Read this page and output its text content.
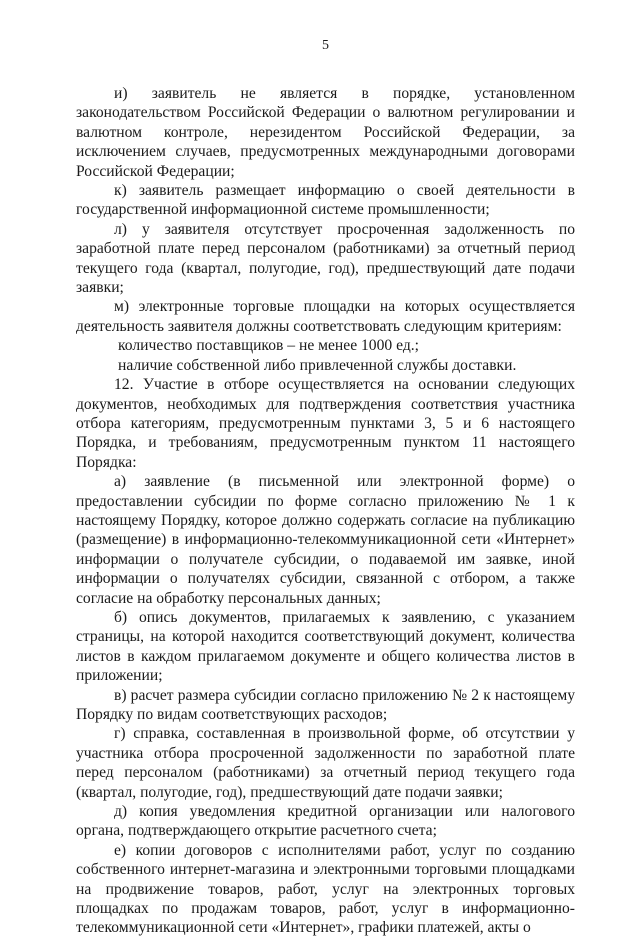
5

и) заявитель не является в порядке, установленном законодательством Российской Федерации о валютном регулировании и валютном контроле, нерезидентом Российской Федерации, за исключением случаев, предусмотренных международными договорами Российской Федерации;

к) заявитель размещает информацию о своей деятельности в государственной информационной системе промышленности;

л) у заявителя отсутствует просроченная задолженность по заработной плате перед персоналом (работниками) за отчетный период текущего года (квартал, полугодие, год), предшествующий дате подачи заявки;

м) электронные торговые площадки на которых осуществляется деятельность заявителя должны соответствовать следующим критериям:

количество поставщиков – не менее 1000 ед.;

наличие собственной либо привлеченной службы доставки.

12. Участие в отборе осуществляется на основании следующих документов, необходимых для подтверждения соответствия участника отбора категориям, предусмотренным пунктами 3, 5 и 6 настоящего Порядка, и требованиям, предусмотренным пунктом 11 настоящего Порядка:

а) заявление (в письменной или электронной форме) о предоставлении субсидии по форме согласно приложению № 1 к настоящему Порядку, которое должно содержать согласие на публикацию (размещение) в информационно-телекоммуникационной сети «Интернет» информации о получателе субсидии, о подаваемой им заявке, иной информации о получателях субсидии, связанной с отбором, а также согласие на обработку персональных данных;

б) опись документов, прилагаемых к заявлению, с указанием страницы, на которой находится соответствующий документ, количества листов в каждом прилагаемом документе и общего количества листов в приложении;

в) расчет размера субсидии согласно приложению № 2 к настоящему Порядку по видам соответствующих расходов;

г) справка, составленная в произвольной форме, об отсутствии у участника отбора просроченной задолженности по заработной плате перед персоналом (работниками) за отчетный период текущего года (квартал, полугодие, год), предшествующий дате подачи заявки;

д) копия уведомления кредитной организации или налогового органа, подтверждающего открытие расчетного счета;

е) копии договоров с исполнителями работ, услуг по созданию собственного интернет-магазина и электронными торговыми площадками на продвижение товаров, работ, услуг на электронных торговых площадках по продажам товаров, работ, услуг в информационно-телекоммуникационной сети «Интернет», графики платежей, акты о
